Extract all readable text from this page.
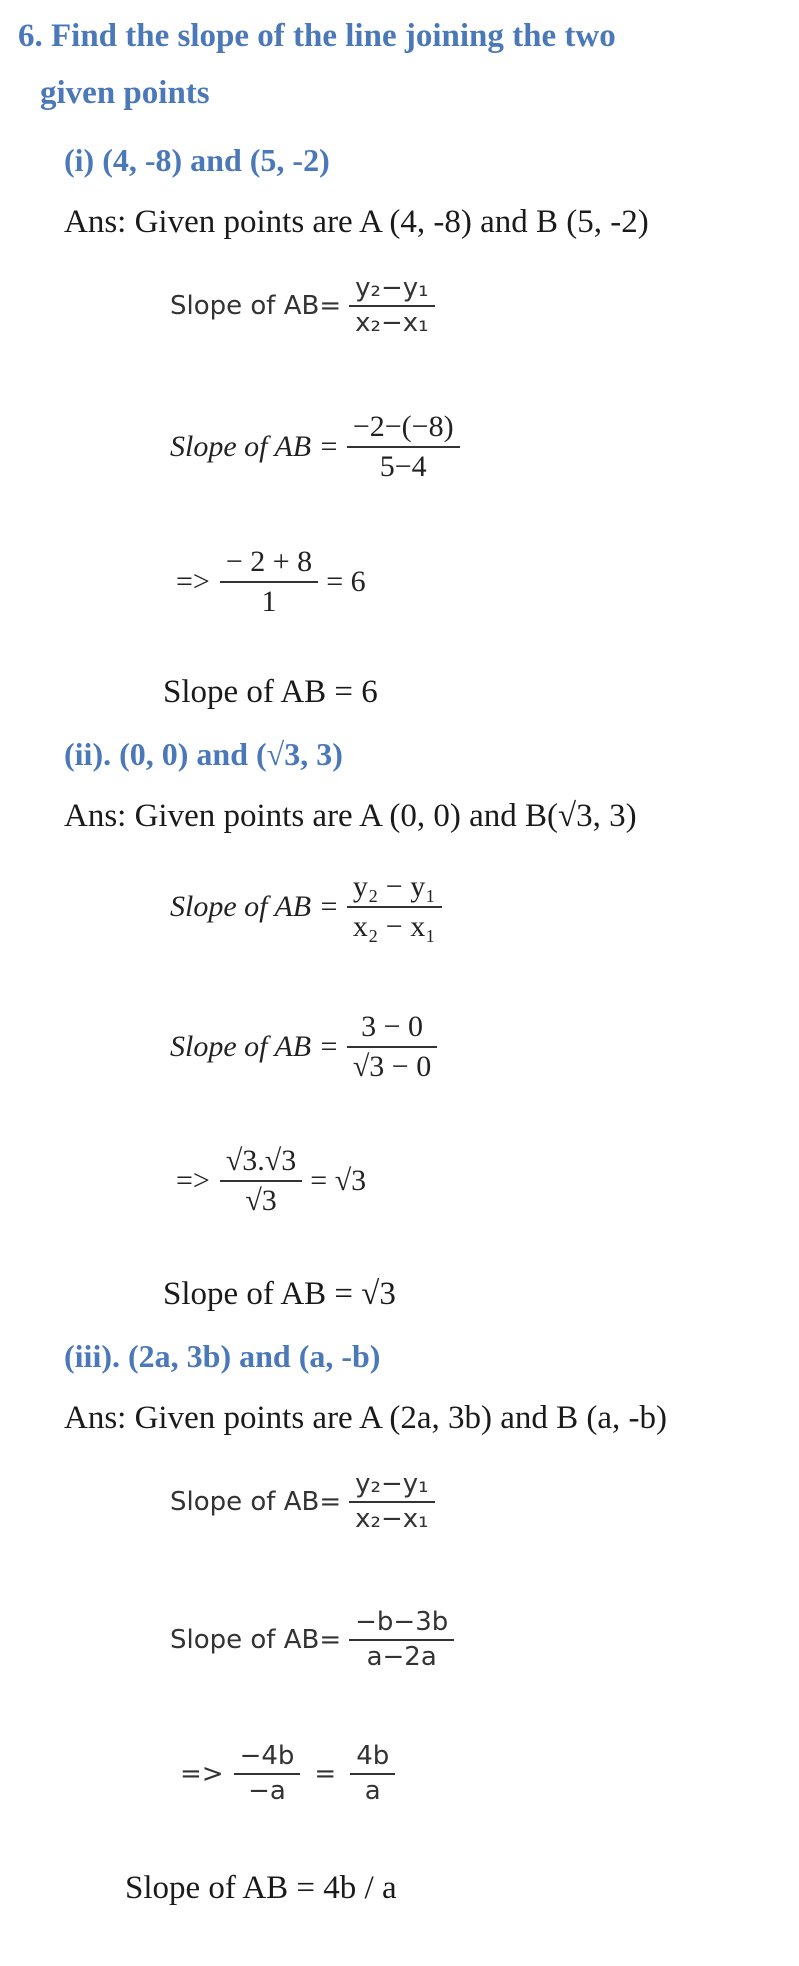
6. Find the slope of the line joining the two
given points
(i) (4, -8) and (5, -2)
Ans: Given points are A (4, -8) and B (5, -2)
Slope of $AB= \frac{\text{y₂−y₁}}{\text{x₂−x₁}}$
Slope of AB = $\frac{-2-(-8)}{5-4}$
=> $\frac{- 2 + 8}{1} = 6$
Slope of AB = 6
(ii). (0, 0) and (√3, 3)
Ans: Given points are A (0, 0) and B(√3, 3)
Slope of AB = $\frac{\text{y₂ − y₁}}{\text{x₂ − x₁}}$
Slope of AB = $\frac{3 - 0}{√3 - 0}$
=> $\frac{√3.√3}{√3} = √3$
Slope of AB = √3
(iii). (2a, 3b) and (a, -b)
Ans: Given points are A (2a, 3b) and B (a, -b)
Slope of $AB= \frac{\text{y₂−y₁}}{\text{x₂−x₁}}$
Slope of $AB= \frac{-b-3b}{a-2a}$
=> $\frac{-4b}{-a} = \frac{4b}{a}$
Slope of AB = 4b / a
